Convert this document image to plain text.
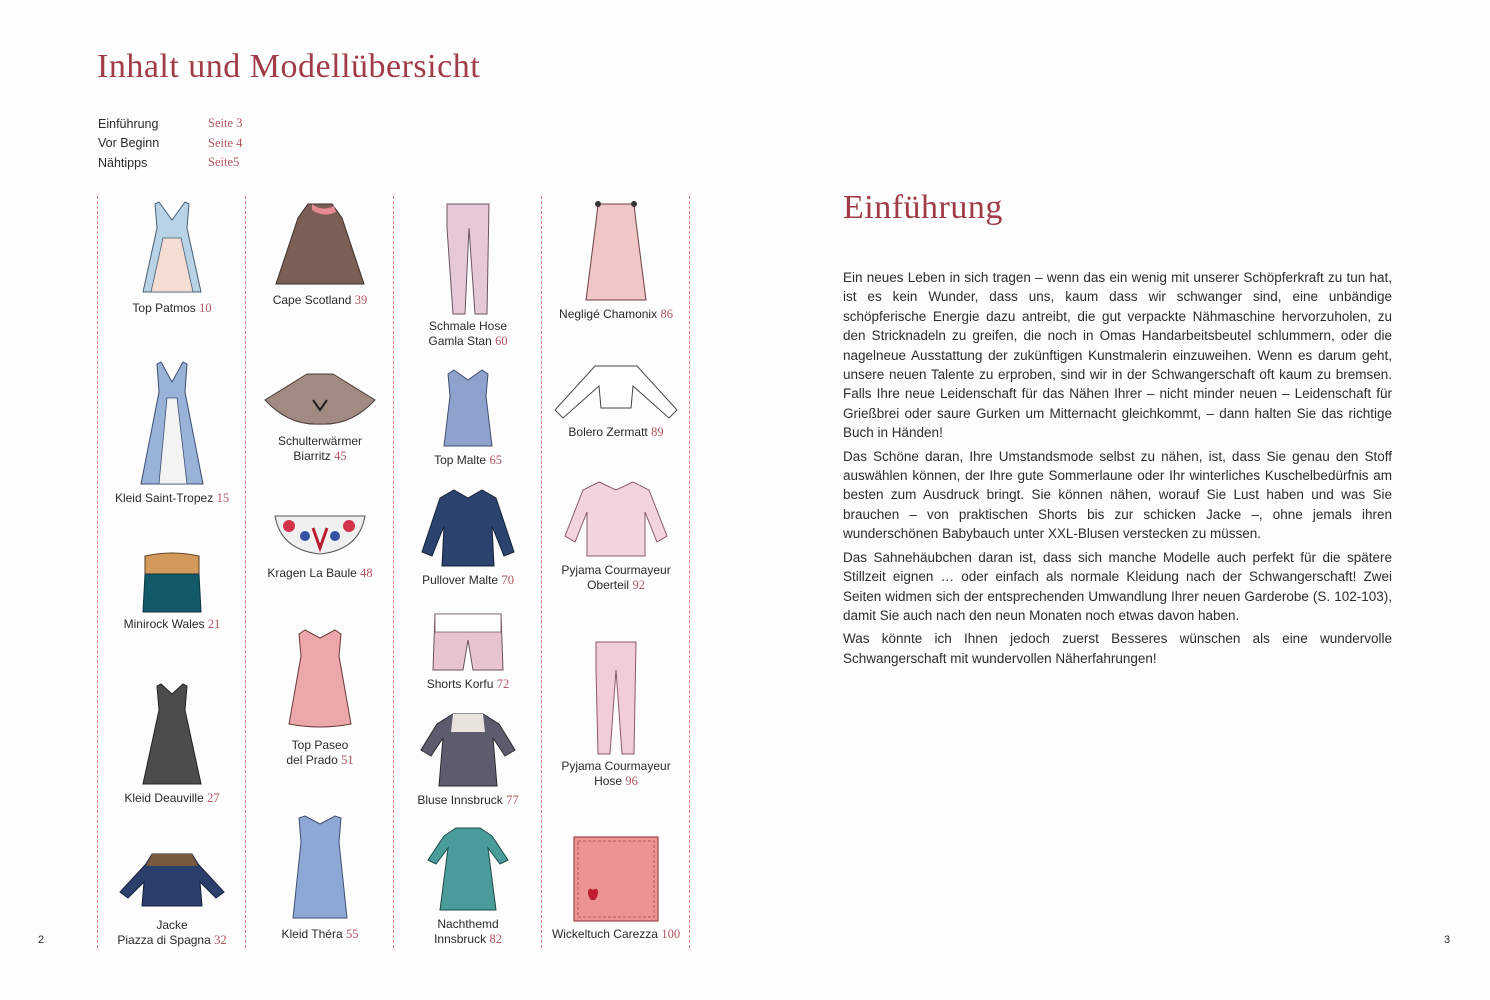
Inhalt und Modellübersicht
Einführung	Seite 3
Vor Beginn	Seite 4
Nähtipps	Seite5
Top Patmos 10
Kleid Saint-Tropez 15
Minirock Wales 21
Kleid Deauville 27
Jacke
Piazza di Spagna 32
Cape Scotland 39
Schulterwärmer
Biarritz 45
Kragen La Baule 48
Top Paseo
del Prado 51
Kleid Théra 55
Schmale Hose
Gamla Stan 60
Top Malte 65
Pullover Malte 70
Shorts Korfu 72
Bluse Innsbruck 77
Nachthemd
Innsbruck 82
Negligé Chamonix 86
Bolero Zermatt 89
Pyjama Courmayeur
Oberteil 92
Pyjama Courmayeur
Hose 96
Wickeltuch Carezza 100
2
Einführung

Ein neues Leben in sich tragen – wenn das ein wenig mit unserer Schöpferkraft zu tun hat, ist es kein Wunder, dass uns, kaum dass wir schwanger sind, eine unbändige schöpferische Energie dazu antreibt, die gut verpackte Nähmaschine hervorzuholen, zu den Stricknadeln zu greifen, die noch in Omas Handarbeitsbeutel schlummern, oder die nagelneue Ausstattung der zukünftigen Kunstmalerin einzuweihen. Wenn es darum geht, unsere neuen Talente zu erproben, sind wir in der Schwangerschaft oft kaum zu bremsen. Falls Ihre neue Leidenschaft für das Nähen Ihrer – nicht minder neuen – Leidenschaft für Grießbrei oder saure Gurken um Mitternacht gleichkommt, – dann halten Sie das richtige Buch in Händen!

Das Schöne daran, Ihre Umstandsmode selbst zu nähen, ist, dass Sie genau den Stoff auswählen können, der Ihre gute Sommerlaune oder Ihr winterliches Kuschelbedürfnis am besten zum Ausdruck bringt. Sie können nähen, worauf Sie Lust haben und was Sie brauchen – von praktischen Shorts bis zur schicken Jacke –, ohne jemals ihren wunderschönen Babybauch unter XXL-Blusen verstecken zu müssen.

Das Sahnehäubchen daran ist, dass sich manche Modelle auch perfekt für die spätere Stillzeit eignen … oder einfach als normale Kleidung nach der Schwangerschaft! Zwei Seiten widmen sich der entsprechenden Umwandlung Ihrer neuen Garderobe (S. 102-103), damit Sie auch nach den neun Monaten noch etwas davon haben.

Was könnte ich Ihnen jedoch zuerst Besseres wünschen als eine wundervolle Schwangerschaft mit wundervollen Näherfahrungen!

3
